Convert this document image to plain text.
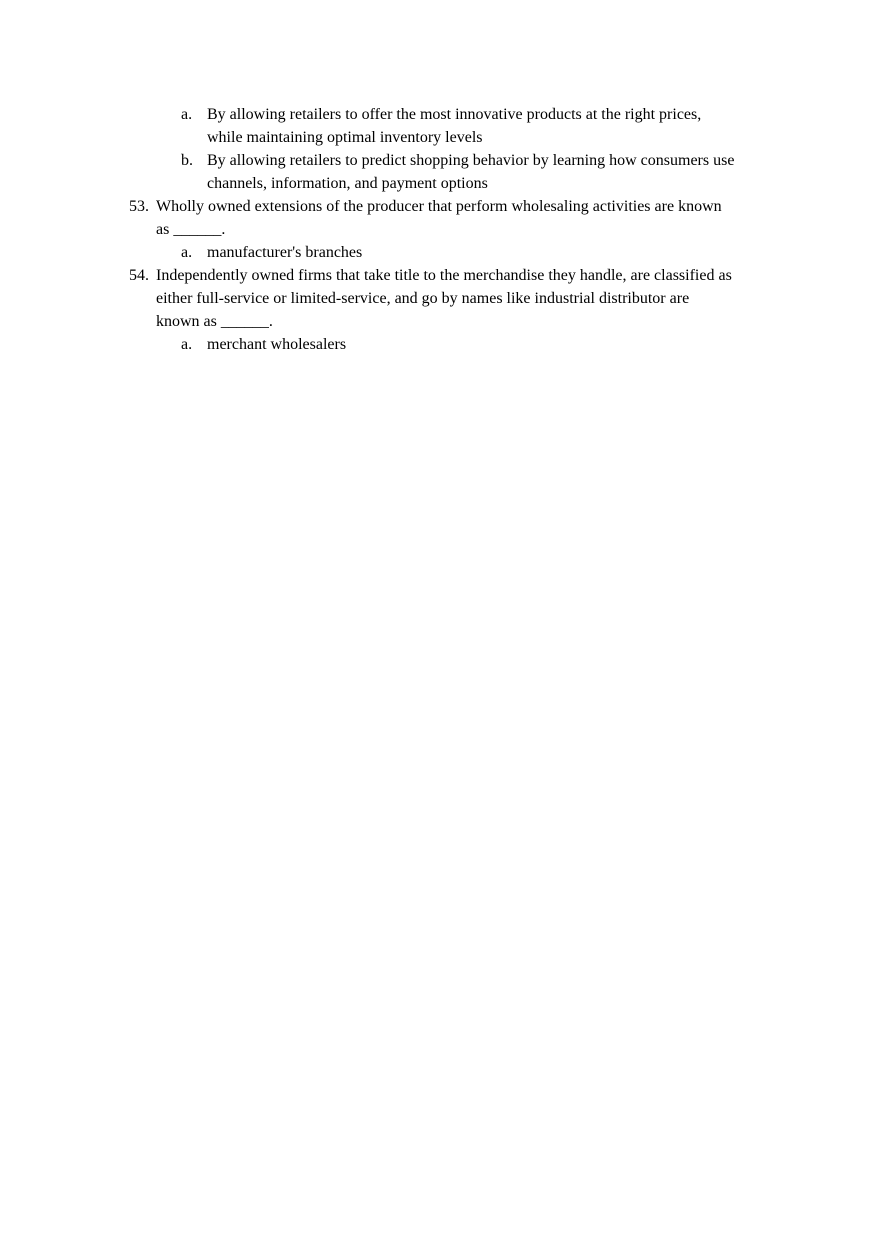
a. By allowing retailers to offer the most innovative products at the right prices,
while maintaining optimal inventory levels
b. By allowing retailers to predict shopping behavior by learning how consumers use
channels, information, and payment options
53. Wholly owned extensions of the producer that perform wholesaling activities are known
as ______.
a. manufacturer's branches
54. Independently owned firms that take title to the merchandise they handle, are classified as
either full-service or limited-service, and go by names like industrial distributor are
known as ______.
a. merchant wholesalers
